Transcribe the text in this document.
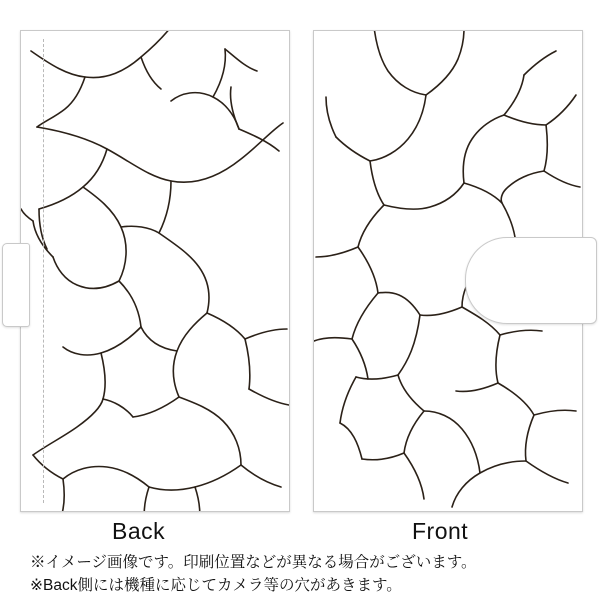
Back	Front
※イメージ画像です。印刷位置などが異なる場合がございます。
※Back側には機種に応じてカメラ等の穴があきます。
